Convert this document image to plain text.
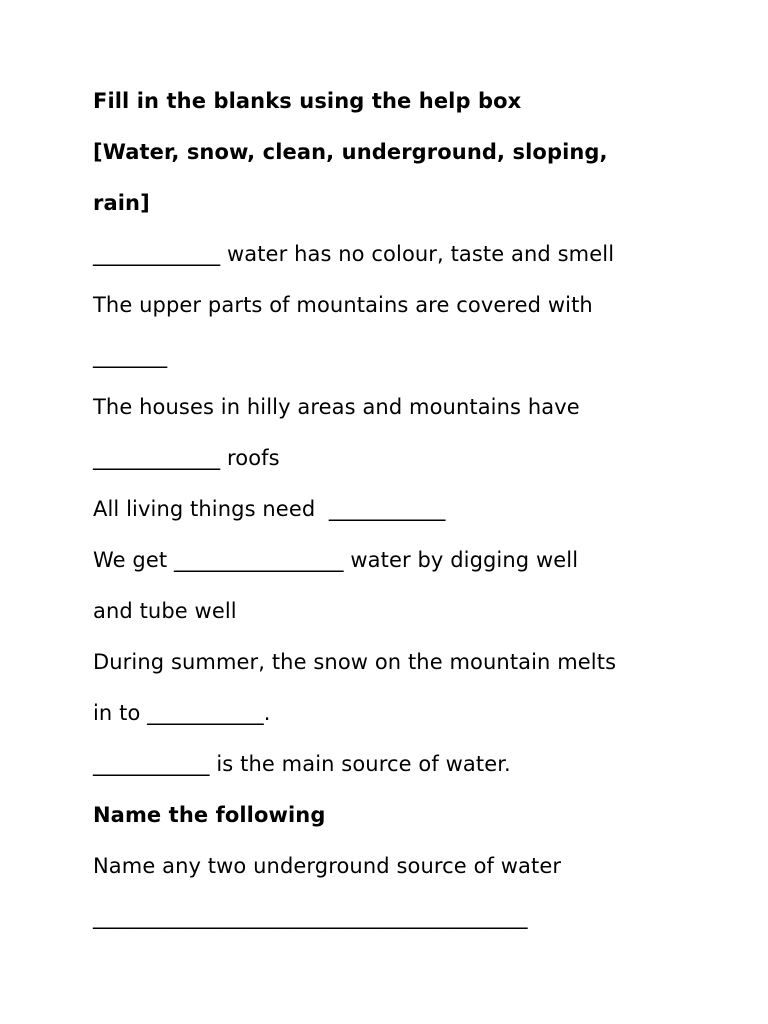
Fill in the blanks using the help box
[Water, snow, clean, underground, sloping,
rain]
____________ water has no colour, taste and smell
The upper parts of mountains are covered with
_______
The houses in hilly areas and mountains have
____________ roofs
All living things need  ___________
We get ________________ water by digging well
and tube well
During summer, the snow on the mountain melts
in to ___________.
___________ is the main source of water.
Name the following
Name any two underground source of water
_________________________________________
